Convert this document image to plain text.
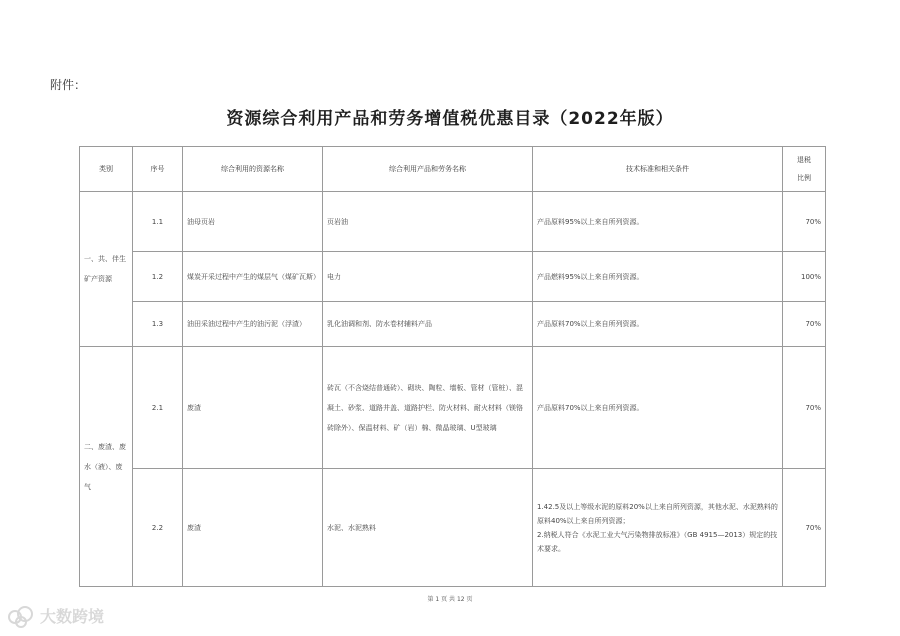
附件：
资源综合利用产品和劳务增值税优惠目录（2022年版）
类别	序号	综合利用的资源名称	综合利用产品和劳务名称	技术标准和相关条件	退税
比例

一、共、伴生矿产资源	1.1	油母页岩	页岩油	产品原料95%以上来自所列资源。	70%
	1.2	煤炭开采过程中产生的煤层气（煤矿瓦斯）	电力	产品燃料95%以上来自所列资源。	100%
	1.3	油田采油过程中产生的油污泥（浮渣）	乳化油调和剂、防水卷材辅料产品	产品原料70%以上来自所列资源。	70%
二、废渣、废水（液）、废气	2.1	废渣	砖瓦（不含烧结普通砖）、砌块、陶粒、墙板、管材（管桩）、混凝土、砂浆、道路井盖、道路护栏、防火材料、耐火材料（镁铬砖除外）、保温材料、矿（岩）棉、微晶玻璃、U型玻璃	产品原料70%以上来自所列资源。	70%
	2.2	废渣	水泥、水泥熟料	1.42.5及以上等级水泥的原料20%以上来自所列资源，其他水泥、水泥熟料的原料40%以上来自所列资源；
2.纳税人符合《水泥工业大气污染物排放标准》（GB 4915—2013）规定的技术要求。	70%
第 1 页 共 12 页
大数跨境
